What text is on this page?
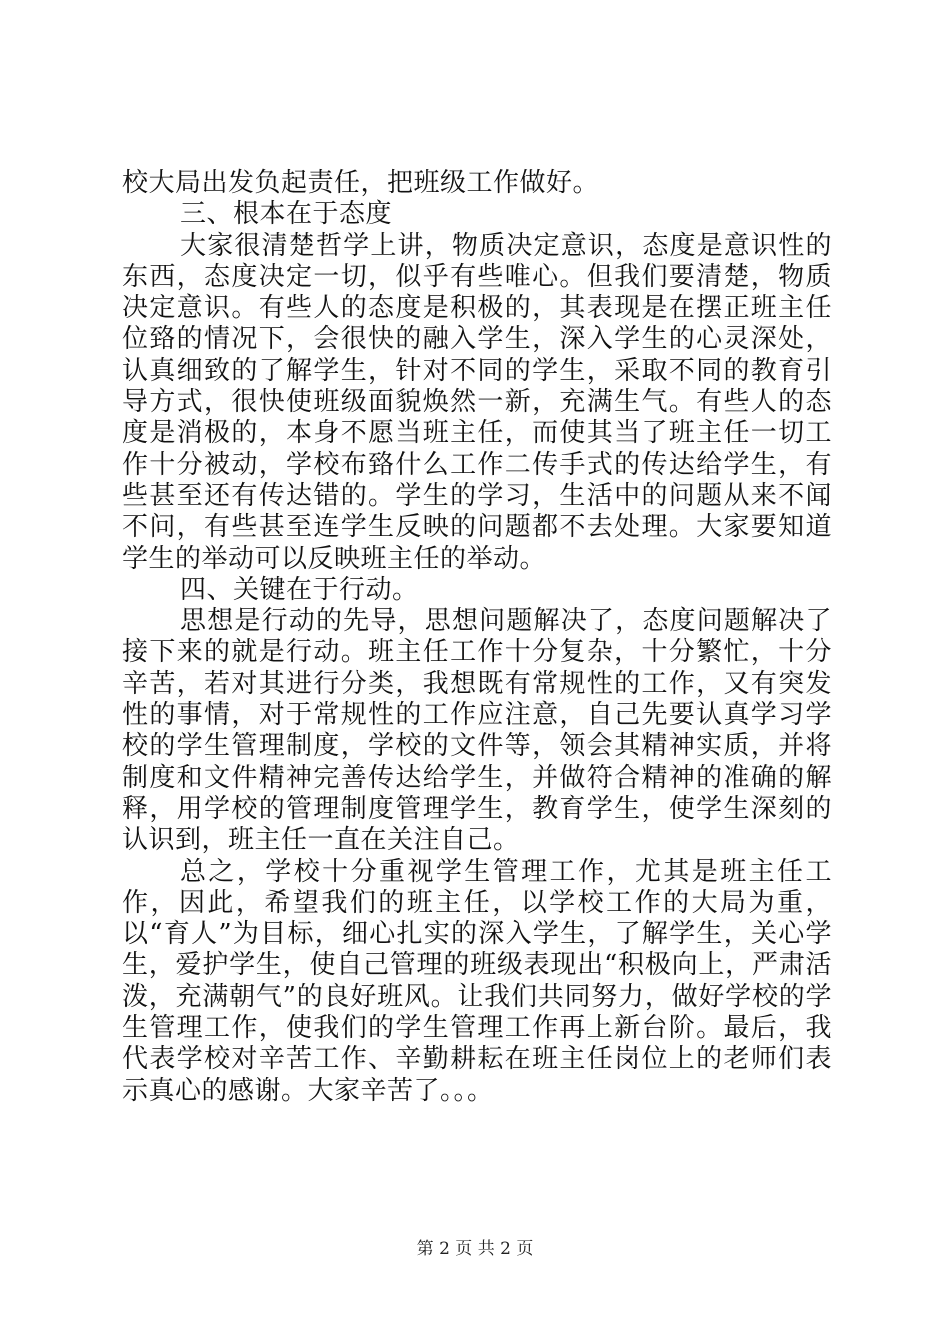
校大局出发负起责任，把班级工作做好。

三、根本在于态度

大家很清楚哲学上讲，物质决定意识，态度是意识性的东西，态度决定一切，似乎有些唯心。但我们要清楚，物质决定意识。有些人的态度是积极的，其表现是在摆正班主任位臵的情况下，会很快的融入学生，深入学生的心灵深处，认真细致的了解学生，针对不同的学生，采取不同的教育引导方式，很快使班级面貌焕然一新，充满生气。有些人的态度是消极的，本身不愿当班主任，而使其当了班主任一切工作十分被动，学校布臵什么工作二传手式的传达给学生，有些甚至还有传达错的。学生的学习，生活中的问题从来不闻不问，有些甚至连学生反映的问题都不去处理。大家要知道学生的举动可以反映班主任的举动。

四、关键在于行动。

思想是行动的先导，思想问题解决了，态度问题解决了接下来的就是行动。班主任工作十分复杂，十分繁忙，十分辛苦，若对其进行分类，我想既有常规性的工作，又有突发性的事情，对于常规性的工作应注意，自己先要认真学习学校的学生管理制度，学校的文件等，领会其精神实质，并将制度和文件精神完善传达给学生，并做符合精神的准确的解释，用学校的管理制度管理学生，教育学生，使学生深刻的认识到，班主任一直在关注自己。

总之，学校十分重视学生管理工作，尤其是班主任工作，因此，希望我们的班主任，以学校工作的大局为重，以“育人”为目标，细心扎实的深入学生，了解学生，关心学生，爱护学生，使自己管理的班级表现出“积极向上，严肃活泼，充满朝气”的良好班风。让我们共同努力，做好学校的学生管理工作，使我们的学生管理工作再上新台阶。最后，我代表学校对辛苦工作、辛勤耕耘在班主任岗位上的老师们表示真心的感谢。大家辛苦了。。。

第 2 页 共 2 页
